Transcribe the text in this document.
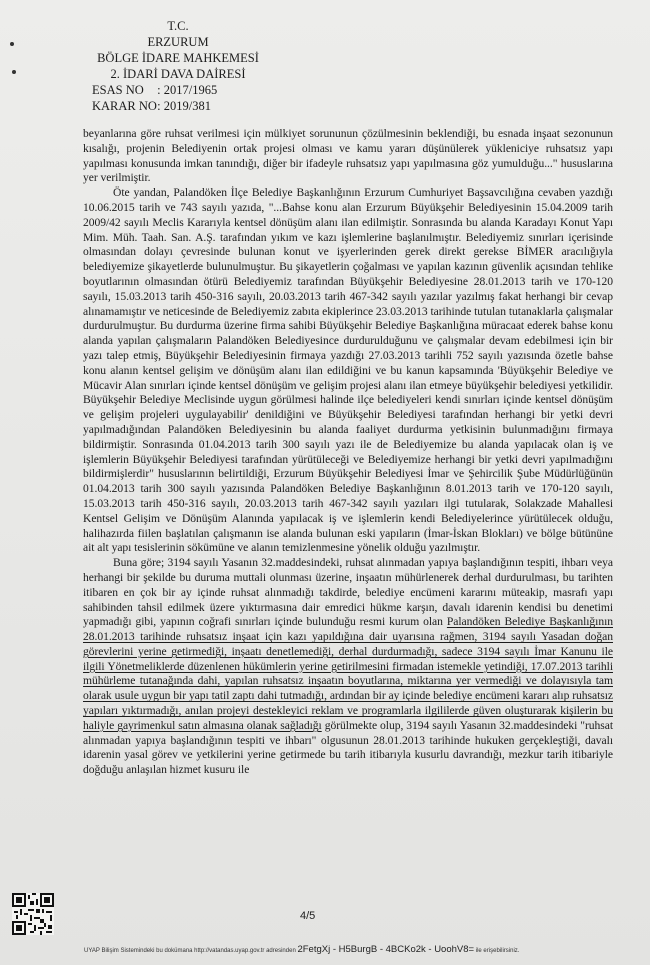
T.C.
ERZURUM
BÖLGE İDARE MAHKEMESİ
2. İDARİ DAVA DAİRESİ
ESAS NO : 2017/1965
KARAR NO : 2019/381

beyanlarına göre ruhsat verilmesi için mülkiyet sorununun çözülmesinin beklendiği, bu esnada inşaat sezonunun kısalığı, projenin Belediyenin ortak projesi olması ve kamu yararı düşünülerek yükleniciye ruhsatsız yapı yapılması konusunda imkan tanındığı, diğer bir ifadeyle ruhsatsız yapı yapılmasına göz yumulduğu..." hususlarına yer verilmiştir.

Öte yandan, Palandöken İlçe Belediye Başkanlığının Erzurum Cumhuriyet Başsavcılığına cevaben yazdığı 10.06.2015 tarih ve 743 sayılı yazıda, "...Bahse konu alan Erzurum Büyükşehir Belediyesinin 15.04.2009 tarih 2009/42 sayılı Meclis Kararıyla kentsel dönüşüm alanı ilan edilmiştir. Sonrasında bu alanda Karadayı Konut Yapı Mim. Müh. Taah. San. A.Ş. tarafından yıkım ve kazı işlemlerine başlanılmıştır. Belediyemiz sınırları içerisinde olmasından dolayı çevresinde bulunan konut ve işyerlerinden gerek direkt gerekse BİMER aracılığıyla belediyemize şikayetlerde bulunulmuştur. Bu şikayetlerin çoğalması ve yapılan kazının güvenlik açısından tehlike boyutlarının olmasından ötürü Belediyemiz tarafından Büyükşehir Belediyesine 28.01.2013 tarih ve 170-120 sayılı, 15.03.2013 tarih 450-316 sayılı, 20.03.2013 tarih 467-342 sayılı yazılar yazılmış fakat herhangi bir cevap alınamamıştır ve neticesinde de Belediyemiz zabıta ekiplerince 23.03.2013 tarihinde tutulan tutanaklarla çalışmalar durdurulmuştur. Bu durdurma üzerine firma sahibi Büyükşehir Belediye Başkanlığına müracaat ederek bahse konu alanda yapılan çalışmaların Palandöken Belediyesince durdurulduğunu ve çalışmalar devam edebilmesi için bir yazı talep etmiş, Büyükşehir Belediyesinin firmaya yazdığı 27.03.2013 tarihli 752 sayılı yazısında özetle bahse konu alanın kentsel gelişim ve dönüşüm alanı ilan edildiğini ve bu kanun kapsamında 'Büyükşehir Belediye ve Mücavir Alan sınırları içinde kentsel dönüşüm ve gelişim projesi alanı ilan etmeye büyükşehir belediyesi yetkilidir. Büyükşehir Belediye Meclisinde uygun görülmesi halinde ilçe belediyeleri kendi sınırları içinde kentsel dönüşüm ve gelişim projeleri uygulayabilir' denildiğini ve Büyükşehir Belediyesi tarafından herhangi bir yetki devri yapılmadığından Palandöken Belediyesinin bu alanda faaliyet durdurma yetkisinin bulunmadığını firmaya bildirmiştir. Sonrasında 01.04.2013 tarih 300 sayılı yazı ile de Belediyemize bu alanda yapılacak olan iş ve işlemlerin Büyükşehir Belediyesi tarafından yürütüleceği ve Belediyemize herhangi bir yetki devri yapılmadığını bildirmişlerdir" hususlarının belirtildiği, Erzurum Büyükşehir Belediyesi İmar ve Şehircilik Şube Müdürlüğünün 01.04.2013 tarih 300 sayılı yazısında Palandöken Belediye Başkanlığının 8.01.2013 tarih ve 170-120 sayılı, 15.03.2013 tarih 450-316 sayılı, 20.03.2013 tarih 467-342 sayılı yazıları ilgi tutularak, Solakzade Mahallesi Kentsel Gelişim ve Dönüşüm Alanında yapılacak iş ve işlemlerin kendi Belediyelerince yürütülecek olduğu, halihazırda fiilen başlatılan çalışmanın ise alanda bulunan eski yapıların (İmar-İskan Blokları) ve bölge bütününe ait alt yapı tesislerinin sökümüne ve alanın temizlenmesine yönelik olduğu yazılmıştır.

Buna göre; 3194 sayılı Yasanın 32.maddesindeki, ruhsat alınmadan yapıya başlandığının tespiti, ihbarı veya herhangi bir şekilde bu duruma muttali olunması üzerine, inşaatın mühürlenerek derhal durdurulması, bu tarihten itibaren en çok bir ay içinde ruhsat alınmadığı takdirde, belediye encümeni kararını müteakip, masrafı yapı sahibinden tahsil edilmek üzere yıktırmasına dair emredici hükme karşın, davalı idarenin kendisi bu denetimi yapmadığı gibi, yapının coğrafi sınırları içinde bulunduğu resmi kurum olan Palandöken Belediye Başkanlığının 28.01.2013 tarihinde ruhsatsız inşaat için kazı yapıldığına dair uyarısına rağmen, 3194 sayılı Yasadan doğan görevlerini yerine getirmediği, inşaatı denetlemediği, derhal durdurmadığı, sadece 3194 sayılı İmar Kanunu ile ilgili Yönetmeliklerde düzenlenen hükümlerin yerine getirilmesini firmadan istemekle yetindiği, 17.07.2013 tarihli mühürleme tutanağında dahi, yapılan ruhsatsız inşaatın boyutlarına, miktarına yer vermediği ve dolayısıyla tam olarak usule uygun bir yapı tatil zaptı dahi tutmadığı, ardından bir ay içinde belediye encümeni kararı alıp ruhsatsız yapıları yıktırmadığı, anılan projeyi destekleyici reklam ve programlarla ilgililerde güven oluşturarak kişilerin bu haliyle gayrimenkul satın almasına olanak sağladığı görülmekte olup, 3194 sayılı Yasanın 32.maddesindeki "ruhsat alınmadan yapıya başlandığının tespiti ve ihbarı" olgusunun 28.01.2013 tarihinde hukuken gerçekleştiği, davalı idarenin yasal görev ve yetkilerini yerine getirmede bu tarih itibarıyla kusurlu davrandığı, mezkur tarih itibariyle doğduğu anlaşılan hizmet kusuru ile

4/5
UYAP Bilişim Sistemindeki bu dokümana http://vatandas.uyap.gov.tr adresinden 2FetgXj - H5BurgB - 4BCKo2k - UoohV8= ile erişebilirsiniz.
